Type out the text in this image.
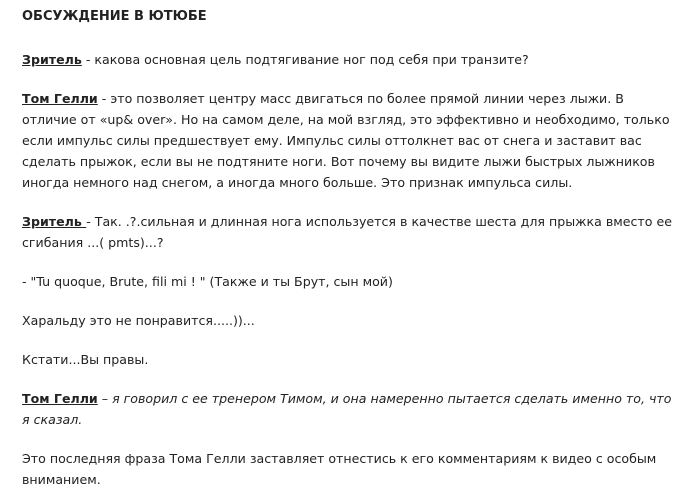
ОБСУЖДЕНИЕ В ЮТЮБЕ

Зритель - какова основная цель подтягивание ног под себя при транзите?

Том Гелли - это позволяет центру масс двигаться по более прямой линии через лыжи. В отличие от «up& over». Но на самом деле, на мой взгляд, это эффективно и необходимо, только если импульс силы предшествует ему. Импульс силы оттолкнет вас от снега и заставит вас сделать прыжок, если вы не подтяните ноги. Вот почему вы видите лыжи быстрых лыжников иногда немного над снегом, а иногда много больше. Это признак импульса силы.

Зритель - Так. .?.сильная и длинная нога используется в качестве шеста для прыжка вместо ее сгибания ...( pmts)...?

- "Tu quoque, Brute, fili mi ! " (Также и ты Брут, сын мой)

Харальду это не понравится.....))...

Кстати...Вы правы.

Том Гелли – я говорил с ее тренером Тимом, и она намеренно пытается сделать именно то, что я сказал.

Это последняя фраза Тома Гелли заставляет отнестись к его комментариям к видео с особым вниманием.
